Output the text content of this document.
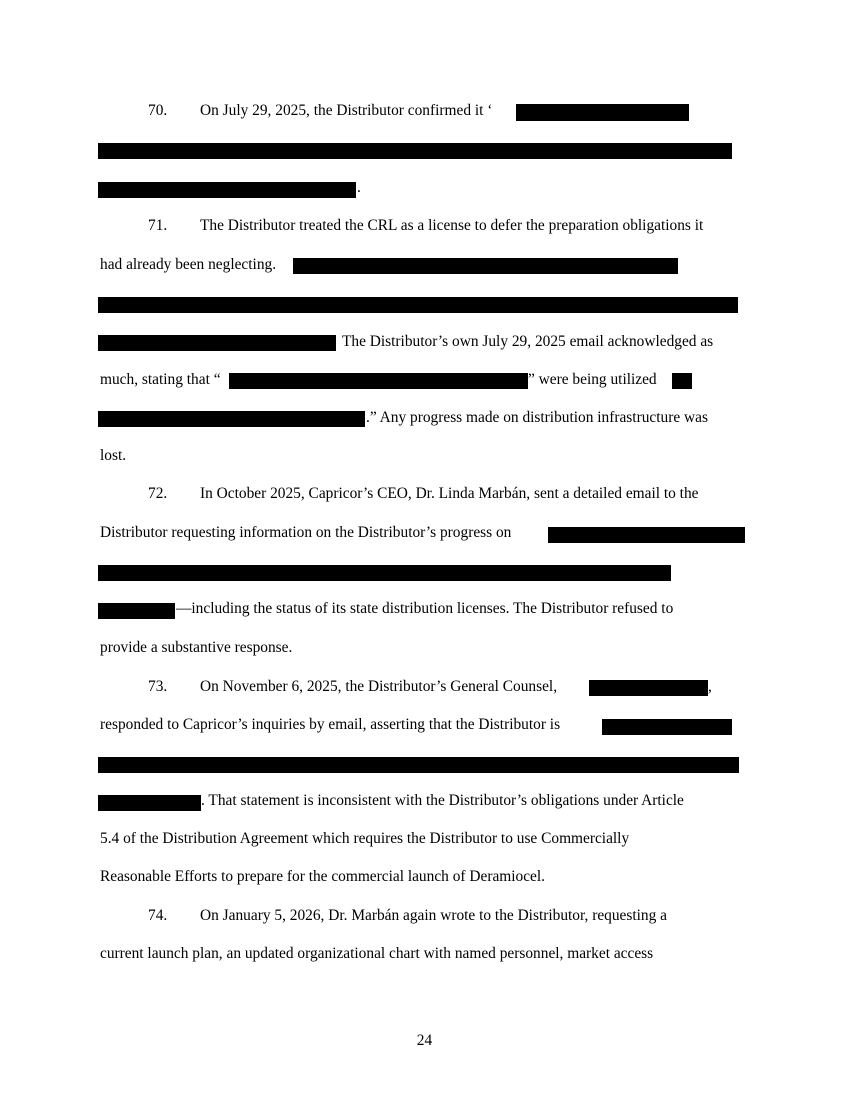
70. On July 29, 2025, the Distributor confirmed it ‘
.
71. The Distributor treated the CRL as a license to defer the preparation obligations it
had already been neglecting.
The Distributor’s own July 29, 2025 email acknowledged as
much, stating that “	” were being utilized
.” Any progress made on distribution infrastructure was
lost.
72. In October 2025, Capricor’s CEO, Dr. Linda Marbán, sent a detailed email to the
Distributor requesting information on the Distributor’s progress on
—including the status of its state distribution licenses. The Distributor refused to
provide a substantive response.
73. On November 6, 2025, the Distributor’s General Counsel,	,
responded to Capricor’s inquiries by email, asserting that the Distributor is
. That statement is inconsistent with the Distributor’s obligations under Article
5.4 of the Distribution Agreement which requires the Distributor to use Commercially
Reasonable Efforts to prepare for the commercial launch of Deramiocel.
74. On January 5, 2026, Dr. Marbán again wrote to the Distributor, requesting a
current launch plan, an updated organizational chart with named personnel, market access
24
